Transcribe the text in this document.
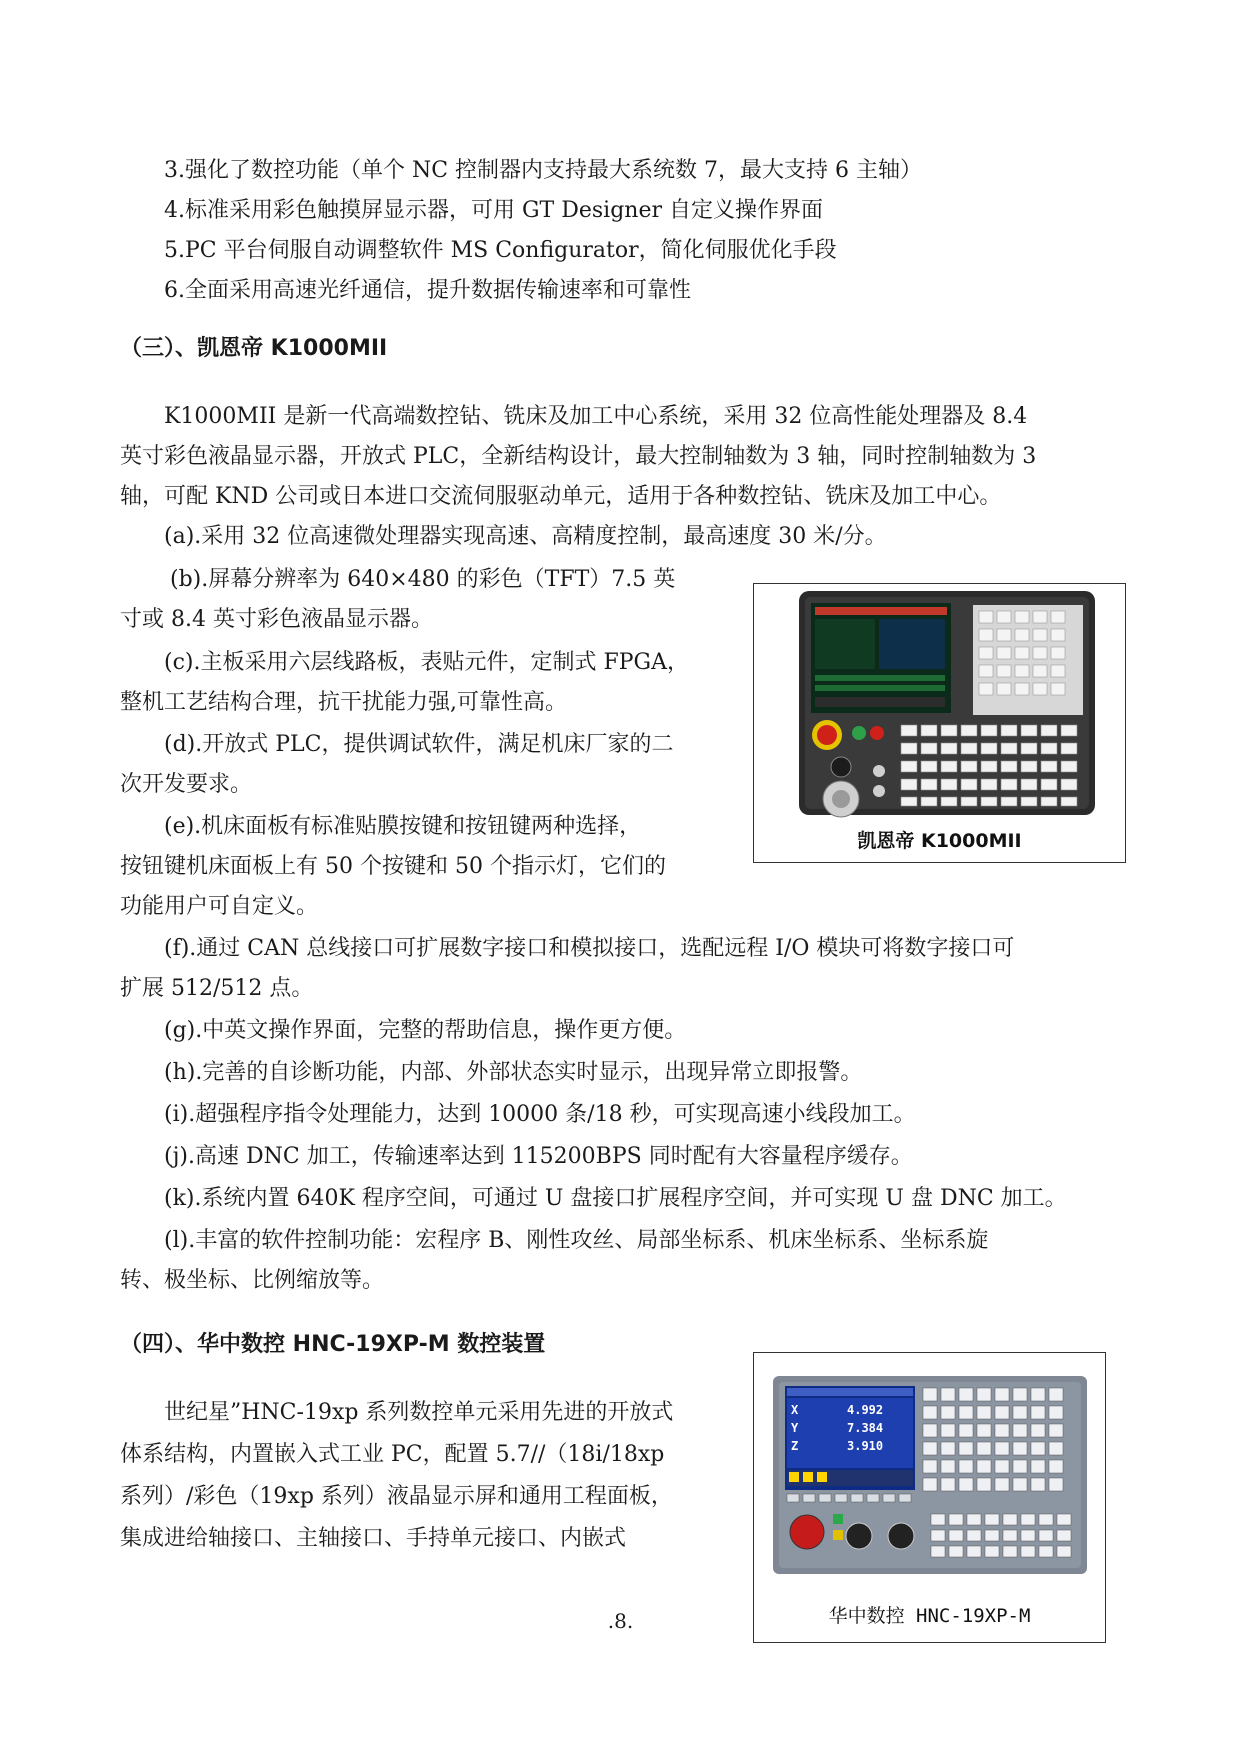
3.强化了数控功能（单个 NC 控制器内支持最大系统数 7，最大支持 6 主轴）
4.标准采用彩色触摸屏显示器，可用 GT Designer 自定义操作界面
5.PC 平台伺服自动调整软件 MS Configurator，简化伺服优化手段
6.全面采用高速光纤通信，提升数据传输速率和可靠性
（三）、凯恩帝 K1000MII
K1000MII 是新一代高端数控钻、铣床及加工中心系统，采用 32 位高性能处理器及 8.4
英寸彩色液晶显示器，开放式 PLC，全新结构设计，最大控制轴数为 3 轴，同时控制轴数为 3
轴，可配 KND 公司或日本进口交流伺服驱动单元，适用于各种数控钻、铣床及加工中心。
(a).采用 32 位高速微处理器实现高速、高精度控制，最高速度 30 米/分。
(b).屏幕分辨率为 640×480 的彩色（TFT）7.5 英
寸或 8.4 英寸彩色液晶显示器。
(c).主板采用六层线路板，表贴元件，定制式 FPGA，
整机工艺结构合理，抗干扰能力强,可靠性高。
(d).开放式 PLC，提供调试软件，满足机床厂家的二
次开发要求。
(e).机床面板有标准贴膜按键和按钮键两种选择，
按钮键机床面板上有 50 个按键和 50 个指示灯，它们的
功能用户可自定义。
(f).通过 CAN 总线接口可扩展数字接口和模拟接口，选配远程 I/O 模块可将数字接口可
扩展 512/512 点。
(g).中英文操作界面，完整的帮助信息，操作更方便。
(h).完善的自诊断功能，内部、外部状态实时显示，出现异常立即报警。
(i).超强程序指令处理能力，达到 10000 条/18 秒，可实现高速小线段加工。
(j).高速 DNC 加工，传输速率达到 115200BPS 同时配有大容量程序缓存。
(k).系统内置 640K 程序空间，可通过 U 盘接口扩展程序空间，并可实现 U 盘 DNC 加工。
(l).丰富的软件控制功能：宏程序 B、刚性攻丝、局部坐标系、机床坐标系、坐标系旋
转、极坐标、比例缩放等。
凯恩帝 K1000MII
（四）、华中数控 HNC-19XP-M 数控装置
世纪星”HNC-19xp 系列数控单元采用先进的开放式
体系结构，内置嵌入式工业 PC，配置 5.7//（18i/18xp
系列）/彩色（19xp 系列）液晶显示屏和通用工程面板，
集成进给轴接口、主轴接口、手持单元接口、内嵌式
X	4.992
Y	7.384
Z	3.910
华中数控 HNC-19XP-M
.8.
